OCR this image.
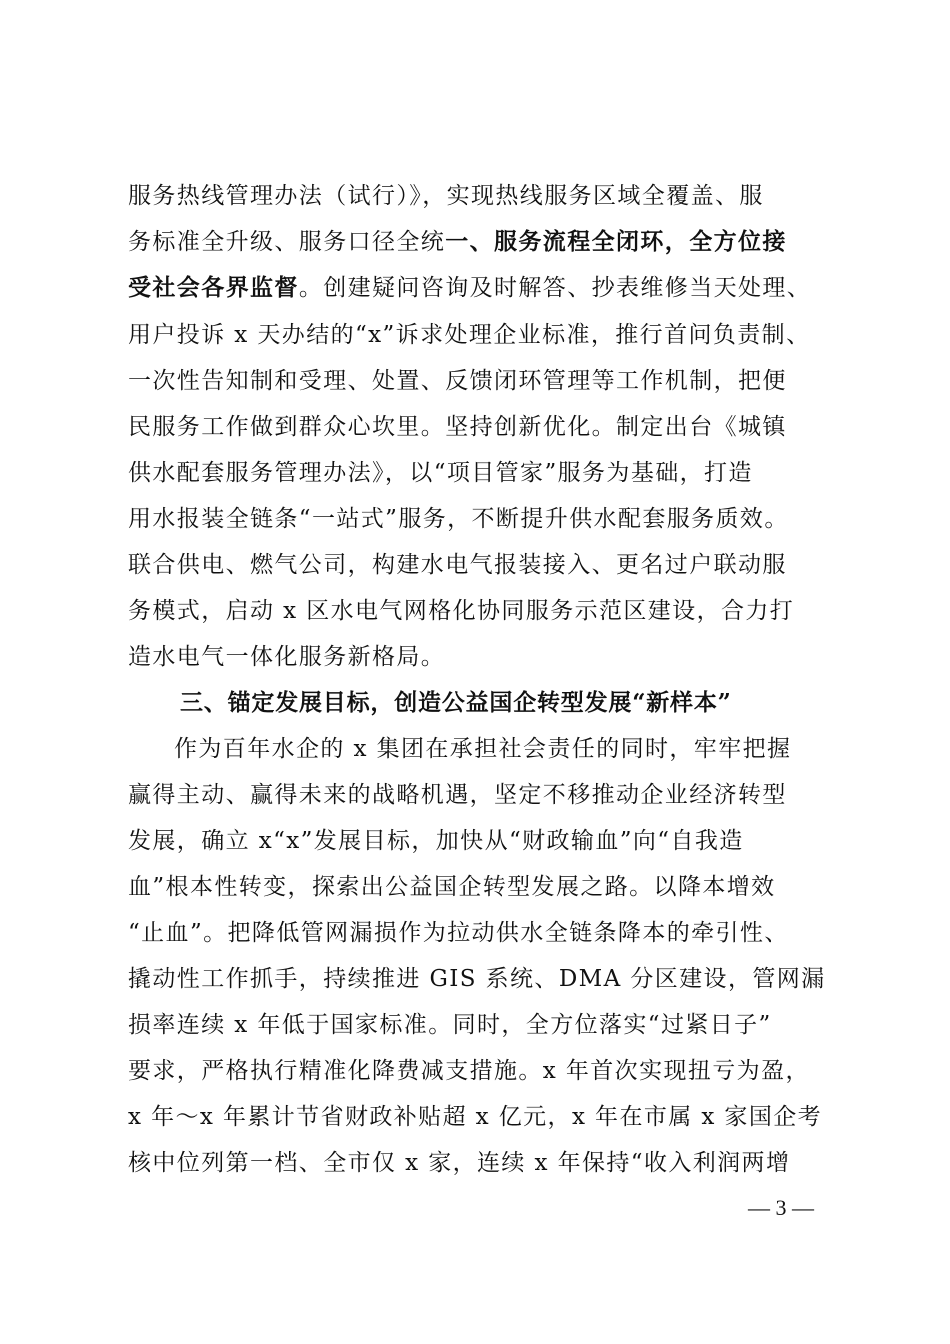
服务热线管理办法（试行）》，实现热线服务区域全覆盖、服
务标准全升级、服务口径全统一、服务流程全闭环，全方位接
受社会各界监督。创建疑问咨询及时解答、抄表维修当天处理、
用户投诉 x 天办结的“x”诉求处理企业标准，推行首问负责制、
一次性告知制和受理、处置、反馈闭环管理等工作机制，把便
民服务工作做到群众心坎里。坚持创新优化。制定出台《城镇
供水配套服务管理办法》，以“项目管家”服务为基础，打造
用水报装全链条“一站式”服务，不断提升供水配套服务质效。
联合供电、燃气公司，构建水电气报装接入、更名过户联动服
务模式，启动 x 区水电气网格化协同服务示范区建设，合力打
造水电气一体化服务新格局。
三、锚定发展目标，创造公益国企转型发展“新样本”
作为百年水企的 x 集团在承担社会责任的同时，牢牢把握
赢得主动、赢得未来的战略机遇，坚定不移推动企业经济转型
发展，确立 x“x”发展目标，加快从“财政输血”向“自我造
血”根本性转变，探索出公益国企转型发展之路。以降本增效
“止血”。把降低管网漏损作为拉动供水全链条降本的牵引性、
撬动性工作抓手，持续推进 GIS 系统、DMA 分区建设，管网漏
损率连续 x 年低于国家标准。同时，全方位落实“过紧日子”
要求，严格执行精准化降费减支措施。x 年首次实现扭亏为盈，
x 年～x 年累计节省财政补贴超 x 亿元，x 年在市属 x 家国企考
核中位列第一档、全市仅 x 家，连续 x 年保持“收入利润两增
— 3 —
